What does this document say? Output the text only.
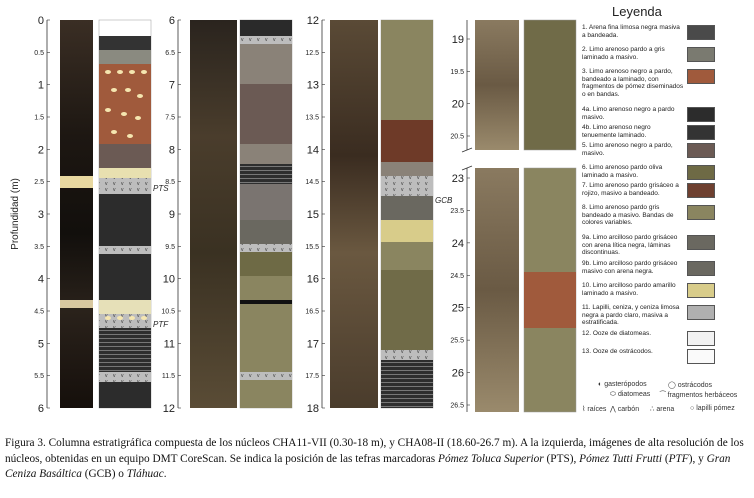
Profundidad (m)	PTS
PTF
GCB
0
0.5
1
1.5
2
2.5
3
3.5
4
4.5
5
5.5
6
6
6.5
7
7.5
8
8.5
9
9.5
10
10.5
11
11.5
12
12
12.5
13
13.5
14
14.5
15
15.5
16
16.5
17
17.5
18
19
19.5
20
20.5
23
23.5
24
24.5
25
25.5
26
26.5
Leyenda
1. Arena fina limosa negra masiva a bandeada.
2. Limo arenoso pardo a gris laminado a masivo.
3. Limo arenoso negro a pardo, bandeado a laminado, con fragmentos de pómez diseminados o en bandas.
4a. Limo arenoso negro a pardo masivo.
4b. Limo arenoso negro tenuemente laminado.
5. Limo arenoso negro a pardo, masivo.
6. Limo arenoso pardo oliva laminado a masivo.
7. Limo arenoso pardo grisáceo a rojizo, masivo a bandeado.
8. Limo arenoso pardo gris bandeado a masivo. Bandas de colores variables.
9a. Limo arcilloso pardo grisáceo con arena lítica negra, láminas discontinuas.
9b. Limo arcilloso pardo grisáceo masivo con arena negra.
10. Limo arcilloso pardo amarillo laminado a masivo.
11. Lapilli, ceniza, y ceniza limosa negra a pardo claro, masiva a estratificada.
12. Ooze de diatomeas.
13. Ooze de ostrácodos.
◐ gasterópodos	◯ ostrácodos
⬭ diatomeas ⁀ fragmentos herbáceos
⌇ raíces ⋀ carbón ∴ arena ○ lapilli pómez
Figura 3. Columna estratigráfica compuesta de los núcleos CHA11-VII (0.30-18 m), y CHA08-II (18.60-26.7 m). A la izquierda, imágenes de alta resolución de los núcleos, obtenidas en un equipo DMT CoreScan. Se indica la posición de las tefras marcadoras Pómez Toluca Superior (PTS), Pómez Tutti Frutti (PTF), y Gran Ceniza Basáltica (GCB) o Tláhuac.
